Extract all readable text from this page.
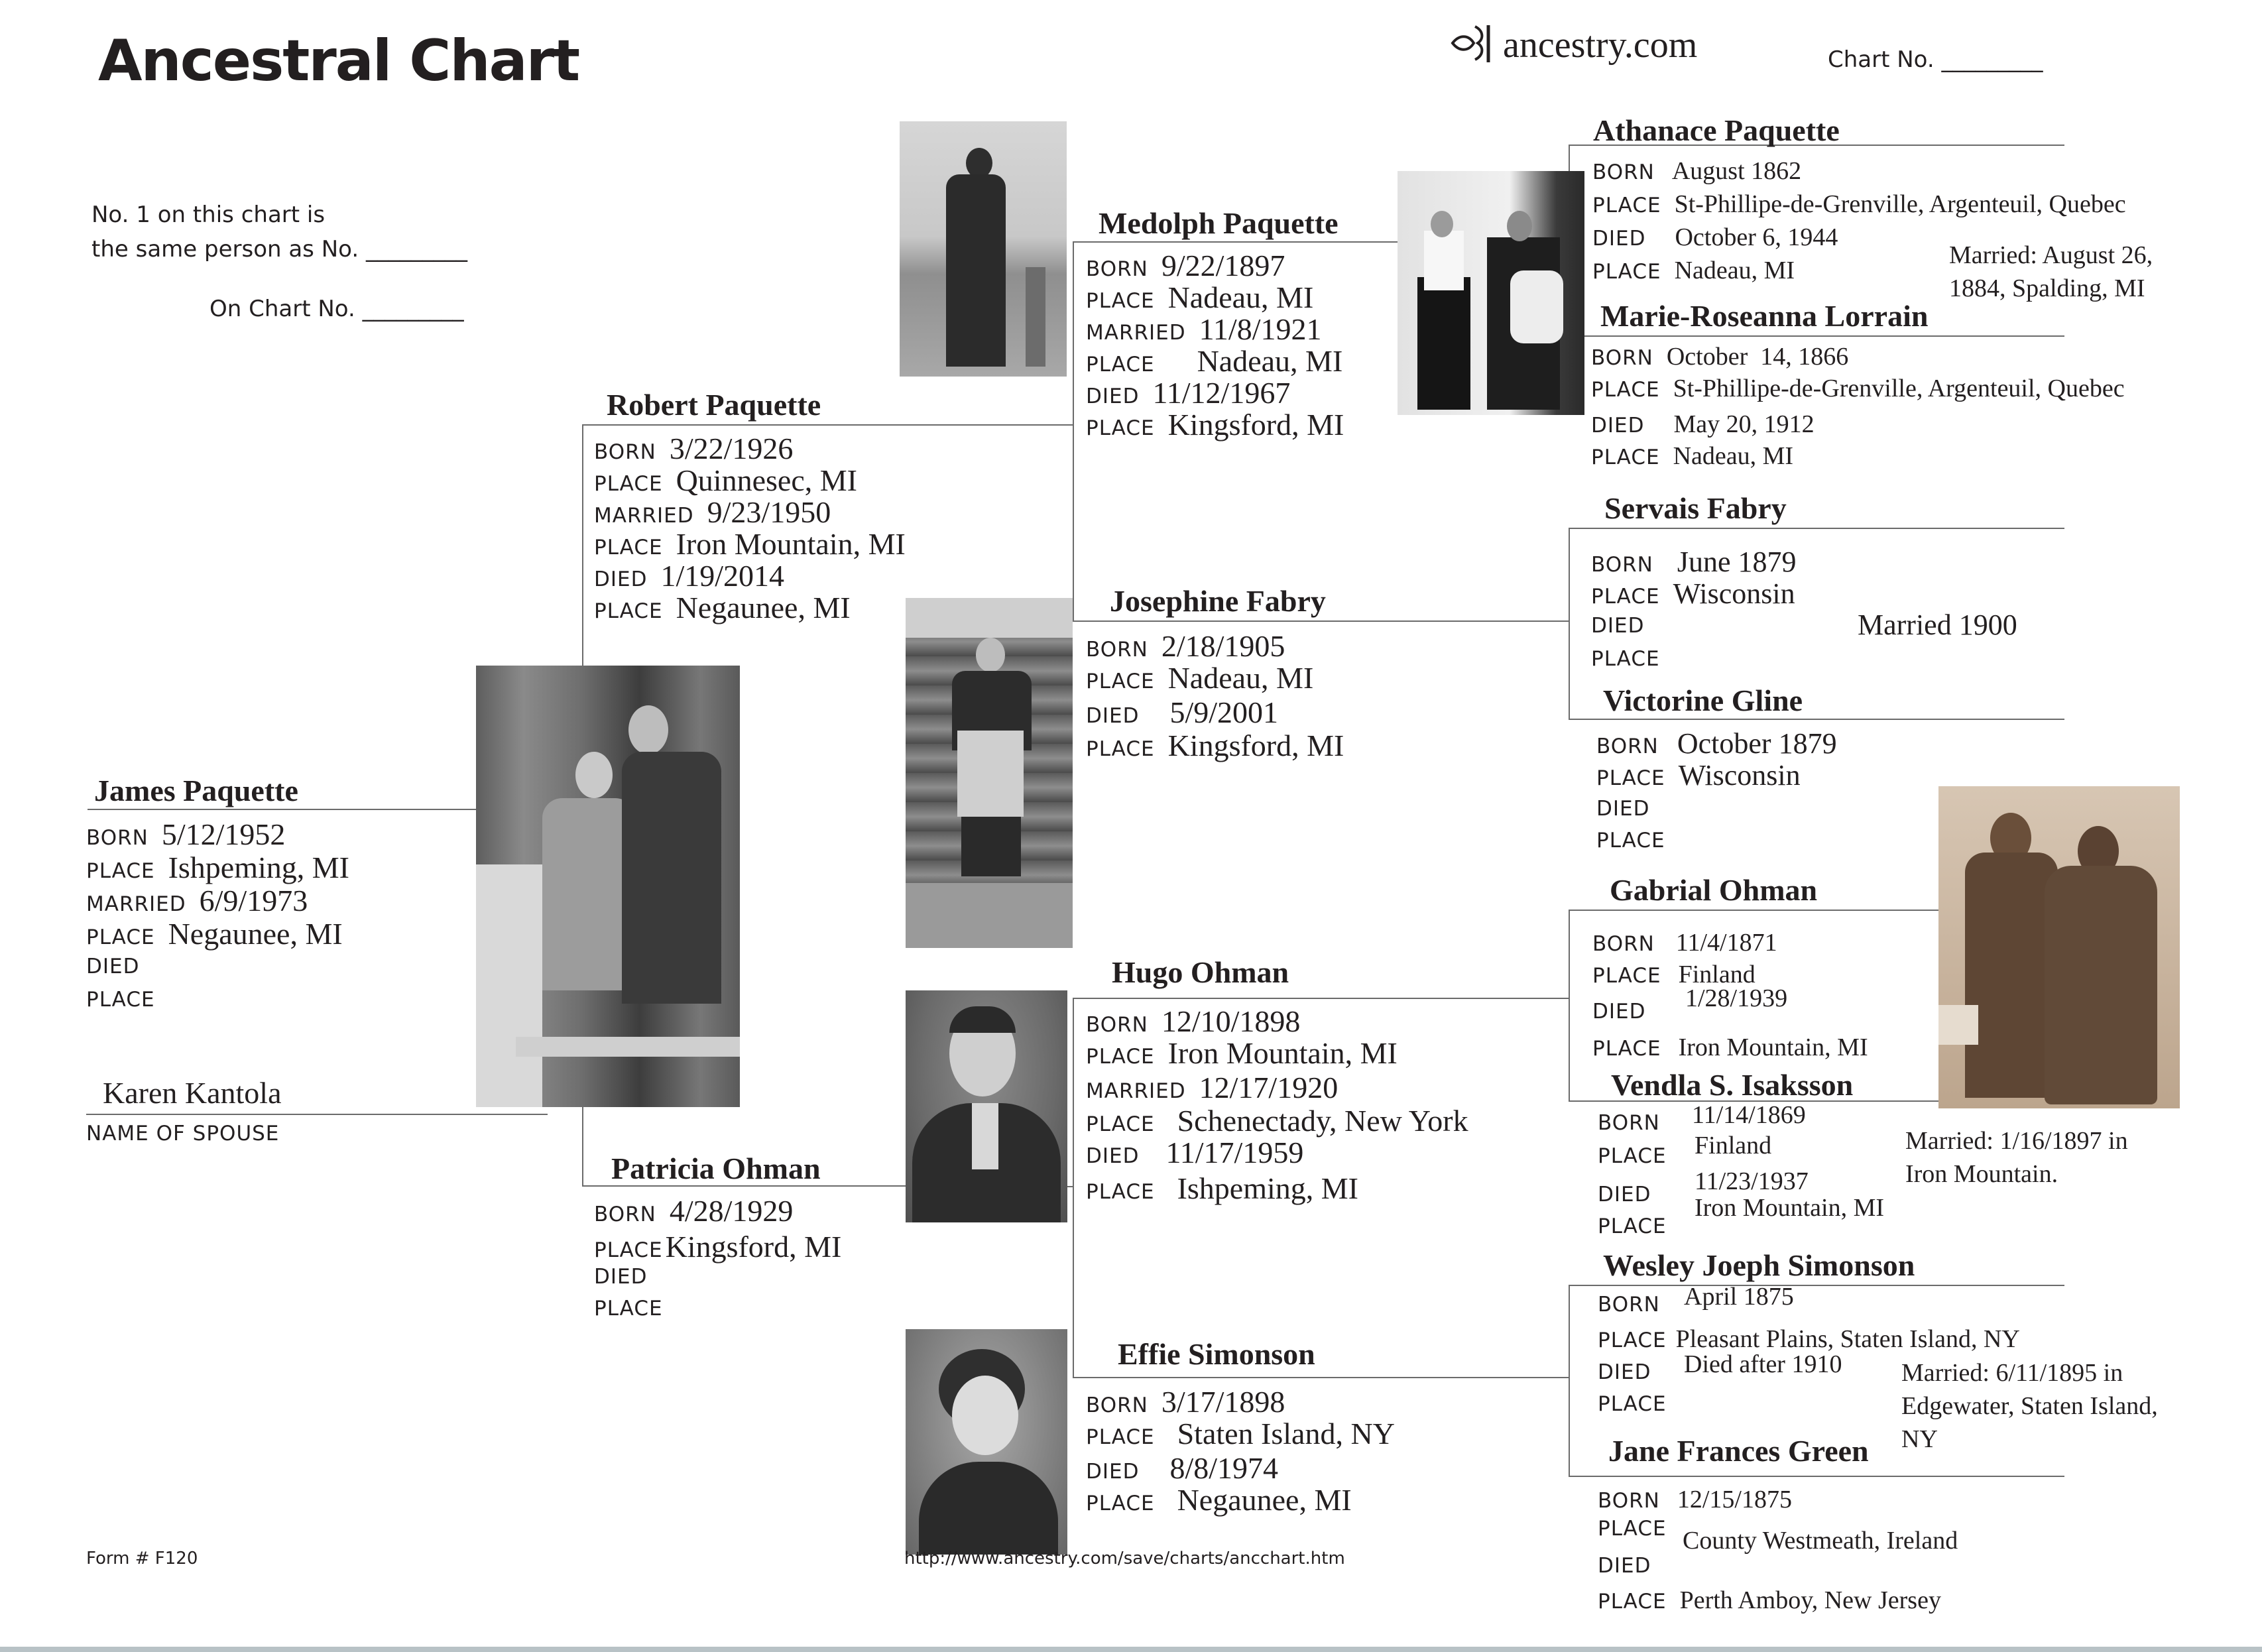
Ancestral Chart	ancestry.com	Chart No. _________
No. 1 on this chart is
the same person as No. _________
On Chart No. _________
James Paquette
BORN 5/12/1952
PLACE Ishpeming, MI
MARRIED 6/9/1973
PLACE Negaunee, MI
DIED
PLACE
Karen Kantola
NAME OF SPOUSE
Robert Paquette
BORN 3/22/1926
PLACE Quinnesec, MI
MARRIED 9/23/1950
PLACE Iron Mountain, MI
DIED 1/19/2014
PLACE Negaunee, MI
Patricia Ohman
BORN 4/28/1929
PLACE Kingsford, MI
DIED
PLACE
Medolph Paquette
BORN 9/22/1897
PLACE Nadeau, MI
MARRIED 11/8/1921
PLACE Nadeau, MI
DIED 11/12/1967
PLACE Kingsford, MI
Josephine Fabry
BORN 2/18/1905
PLACE Nadeau, MI
DIED 5/9/2001
PLACE Kingsford, MI
Hugo Ohman
BORN 12/10/1898
PLACE Iron Mountain, MI
MARRIED 12/17/1920
PLACE Schenectady, New York
DIED 11/17/1959
PLACE Ishpeming, MI
Effie Simonson
BORN 3/17/1898
PLACE Staten Island, NY
DIED 8/8/1974
PLACE Negaunee, MI
Athanace Paquette
BORN August 1862
PLACE St-Phillipe-de-Grenville, Argenteuil, Quebec
DIED October 6, 1944
PLACE Nadeau, MI
Married: August 26,
1884, Spalding, MI
Marie-Roseanna Lorrain
BORN October  14, 1866
PLACE St-Phillipe-de-Grenville, Argenteuil, Quebec
DIED May 20, 1912
PLACE Nadeau, MI
Servais Fabry
BORN June 1879
PLACE Wisconsin
DIED
PLACE
Married 1900
Victorine Gline
BORN October 1879
PLACE Wisconsin
DIED
PLACE
Gabrial Ohman
BORN 11/4/1871
PLACE Finland
DIED 1/28/1939
PLACE Iron Mountain, MI
Vendla S. Isaksson
BORN 11/14/1869
PLACE Finland
DIED 11/23/1937
PLACE
Iron Mountain, MI
Married: 1/16/1897 in
Iron Mountain.
Wesley Joeph Simonson
BORN April 1875
PLACE Pleasant Plains, Staten Island, NY
DIED Died after 1910
PLACE
Married: 6/11/1895 in
Edgewater, Staten Island,
NY
Jane Frances Green
BORN 12/15/1875
PLACE County Westmeath, Ireland
DIED
PLACE Perth Amboy, New Jersey
Form # F120	http://www.ancestry.com/save/charts/ancchart.htm
